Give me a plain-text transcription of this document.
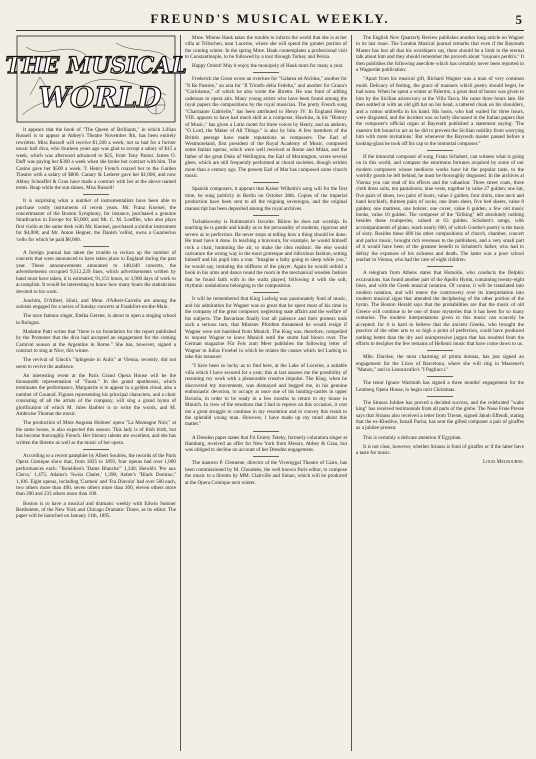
FREUND'S MUSICAL WEEKLY.	5
THE MUSICAL
WORLD

It appears that the book of "The Queen of Brilliants," in which Lillian Russell is to appear at Abbey's Theatre November 9th, has been entirely rewritten. Miss Russell will receive $1,500 a week; not so bad for a former music hall diva, who fourteen years ago was glad to accept a salary of $15 a week, which was afterward advanced to $25, from Tony Pastor. James O. Duff was paying her $300 a week when she broke her contract with him. The Casino gave her $500 a week. T. Henry French coaxed her to the Garden Theatre with a salary of $800. Canary & Lederer gave her $1,000, and now Abbey Schoeffel & Grau have made a contract with her at the above named terms. Reap while the sun shines, Miss Russell!

It is surprising what a number of instrumentalists have been able to purchase costly instruments of recent years. Mr. Franz Kneisel, the concertmaster of the Boston Symphony, for instance, purchased a genuine Stradivarius in Europe for $3,000; and Mr. C. M. Loeffler, who also plays first violin at the same desk with Mr. Kneisel, purchased a similar instrument for $4,000; and Mr. Anton Hegner, the Danish 'cellist, owns a Guarnerius 'cello for which he paid $8,000.

A foreign journal has taken the trouble to reckon up the number of concerts that were announced to have taken place in England during the past year. These announcements amounted to 148,640 concerts, the advertisements occupied 9,512,229 lines, which advertisements written by hand must have taken, it is estimated, 91,151 hours, or 3,960 days of work to accomplish. It would be interesting to know how many hours the statisticians devoted to his work.

Joachim, D'Albert, Siloti, and Mme. d'Albert-Carreño are among the soloists engaged for a series of Sunday concerts at Frankfort-on-the-Main.

The once famous singer, Etelka Gerster, is about to open a singing school in Bologna.

Madame Patti writes that "there is no foundation for the report published by the Promoter that the diva had accepted an engagement for the coming Carnival season at the Argentine in Rome." She has, however, signed a contract to sing at Nice, this winter.

The revival of Gluck's "Iphigenie in Aulis" at Vienna, recently, did not seem to revive the audience.

An interesting event at the Paris Grand Opera House will be the thousandth representation of "Faust." In the grand apotheosis, which terminates the performance, Marguerite is to appear in a golden cloud, also a number of Gounod. Figures representing his principal characters, and a choir consisting of all the artists of the company, will sing a grand hymn of glorification of which M. Jules Barbier is to write the words, and M. Ambroise Thomas the music.

The production of Mme Augusta Holmes' opera "La Montagne Noir," at the same house, is also expected this season. This lady is of Irish birth, but has become thoroughly French. Her literary talents are excellent, and she has written the libretto as well as the music of her opera.

According to a recent pamphlet by Albert Soubies, the records of the Paris Opera Comique show that, from 1825 to 1893, four operas had over 1,000 performances each: "Boieldieu's 'Dame Blanche'" 1,340; Herold's 'Pre aux Clercs,' 1,475; Adams's 'Swiss Chalet,' 1,390; Auber's "Black Domino," 1,106. Eight operas, including 'Carmen' and 'Fra Diavolo' had over 500 each, two others more than 400, seven others more than 300, eleven others more than 200 and 233 others more than 100.

Boston is to have a musical and dramatic weekly with Edwin Sumner Berthelette, of the New York and Chicago Dramatic Times, as its editor. The paper will be launched on January 11th, 1895.

Mme. Minnie Hauk takes the trouble to inform the world that she is at her villa at Tribschen, near Lucerne, where she will spend the greater portion of the coming winter. In the spring Mme. Hauk contemplates a professional visit to Constantinople, to be followed by a tour through Turkey and Persia.

Happy Orient! May it enjoy the monopoly of Hauk tours for many a year.

Frederick the Great wrote an overture for "Galatea ed Alcidea," another for "Il Re Pastore," an aria for "Il Trionfo della Fedelta," and another for Graun's "Coriolanus," of which he also wrote the libretto. He was fond of adding cadenzas to opera airs. Many young artists who have been found among the royal papers the compositions by the royal musician. The pretty French song "Charmante Gabrielle," has been attributed to Henry IV. In England Henry VIII. appears to have had much skill as a composer. Hawkins, in his "History of Music," has given a Latin motet for three voices by Henry, and an anthem, "O Lord, the Maker of All Things." is also by him. A few members of the British peerage have made reputations as composers. The Earl of Westmoreland, first president of the Royal Academy of Music, composed some Italian operas, which were well received at Rome and Milan, and the father of the great Duke of Wellington, the Earl of Mornington, wrote several glees, which are still frequently performed at choral societies, though written more than a century ago. The present Earl of Mar has composed some church music.

Spanish composers, it appears that Kaiser Wilhelm's song will for the first time, be sung publicly in Berlin on October 28th. Copies of the imperial production have been sent to all the reigning sovereigns, and the original manuscript has been deposited among the royal archives.

Tschaikowsky is Rubinstein's favorite. Bülow he does not worship. In teaching he is gentle and kindly as to the personality of students, rigorous and severe as to perfection. He never stops at telling how a thing should be done. He must have it done. In teaching a bravoura, for example, he would himself rock a chair, humming the air, to make the idea realistic. He else would caricature the wrong way in the most grotesque and ridiculous fashion, setting himself and his pupil into a roar. "Imagine a baby going to sleep while you," he would say, imitating the stiffness of the player. Again he would unfold a book in his arms and dance round the room in the mechanical wooden fashion that he found faith with in the waltz played, following it with the soft, rhythmic undulations belonging to the composition.

It will be remembered that King Ludwig was passionately fond of music, and his admiration for Wagner was so great that he spent most of his time in the company of the great composer, neglecting state affairs and the welfare of his subjects. The Bavarians finally lost all patience and their protests took such a serious turn, that Minister Pfordten threatened he would resign if Wagner were not banished from Munich. The King was, therefore, compelled to request Wagner to leave Munich until the storm had blown over. The German magazine Für Fels zum Meer publishes the following letter of Wagner to Julius Froebel in which he relates the causes which led Ludwig to take this measure:

"I have been so lucky as to find here, at the Lake of Lucerne, a suitable villa which I have secured for a year; this at last assures me the possibility of resuming my work with a pleasurable creative impulse. The King, when he discovered my movements, was dismayed and begged me, in his genuine enthusiastic devotion, to occupy at once one of his hunting-castles in upper Bavaria, in order to be ready in a few months to return to my house in Munich. In view of the emotions that I had to repress on this occasion, it cost me a great struggle to continue in my resolution and to convey this result to the splendid young man. However, I have made up my mind about this matter."

A Dresden paper states that Fri Emmy Teleky, formerly coloratura singer at Hamburg, received an offer for New York from Messrs. Abbey & Grau, but was obliged to decline on account of her Dresden engagement.

The maestro P. Clemente, director of the Vicereggal Theatre of Cairo, has been commissioned by M. Choudens, the well known Paris editor, to compose the music to a libretto by MM. Clairville and Simao, which will be produced at the Opera Comique next winter.

The English New Quarterly Review publishes another long article on Wagner in its last issue. The London Musical journal remarks that even if the Bayreuth Master has lost all that his worshipers say, there should be a limit to the eternal talk about him and they should remember the proverb about "toujours perdrix." It then publishes the following anecdote which has certainly never been reported in a Wagnerite publication:

"Apart from his musical gift, Richard Wagner was a man of very common mold. Delicacy of feeling, the grace of manners which poetry should beget, he had none. When he spent a winter at Palermo, a great deal of honor was given to him by the Sicilian aristocracy at the Villa Tasca. He came three hours late. He then settled in with an old gift hat on his head, a tattered cloak on his shoulders, and a cotton umbrella in his hand. His hosts, who had waited for three hours, were disgusted, and the incident was so hotly discussed in the Italian papers that the composer's official organ at Bayreuth published a statement saying: 'The maestro felt bound to act as he did to prevent the Sicilian nobility from worrying him with more invitations.' But whenever the Bayreuth master passed before a looking-glass he took off his cap to the immortal composer."

If the immortal composer of song, Franz Schubert, can witness what is going on in this world, and compare the enormous fortunes acquired by some of our modern composers whose mediocre works have hit the popular taste, to the worldly goods he left behind, he must be thoroughly disgusted. In the archives at Vienna you can read of his effects and the valuation: Three street coats, three cloth dress suits, ten pantaloons, nine vests, together in value 27 gulden; one hat, five pairs of shoes, two pairs of boots, value 2 gulden; four shirts, nine neck and hand kerchiefs, thirteen pairs of socks, one linen sheet, five bed sheets, value 8 gulden; one mattress, one bolster, one cover, value 6 gulden; a few old music books, value 10 gulden. The composer of the "Erlking" left absolutely nothing besides these trumperies, valued at 63 gulden. Schubert's songs, with accompaniments of piano, reach nearly 600, of which Goethe's poetry is the basis of sixty. Besides these 600 his other compositions of church, chamber, concert and parlor music, brought rich revenues to the publishers, and a very small part of it would have been of the greatest benefit to Schubert's father, who had to defray the expenses of his sickness and death. The latter was a poor school teacher in Vienna, who had the care of eight children.

A telegram from Athens states that Homolle, who conducts the Delphic excavations, has found another part of the Apollo Hymn, containing twenty-eight lines, and with the Greek musical notation. Of course, it will be translated into modern notation, and will renew the controversy over its interpretation into modern musical signs that attended the deciphering of the other portion of the hymn. The Boston Herald says that the probabilities are that the music of old Greece will continue to be one of those mysteries that it has been for so many centuries. The modern interpretations given to this music can scarcely be accepted; for it is hard to believe that the ancient Greeks, who brought the practice of the other arts to so high a point of perfection, could have produced nothing better than the dry and unimpressive jargon that has resulted from the efforts to decipher the few remains of Hellenic music that have come down to us.

Mlle. Darclee, the most charming of prima donnas, has just signed an engagement for the Liceo of Barcelona, where she will sing in Massenet's "Manon," and in Leoncavallo's "I Pagliacci."

The tenor Ignace Warmuth has signed a three months' engagement for the Lemberg Opera House, to begin next Christmas.

The Strauss Jubilee has proved a decided success, and the celebrated "waltz king" has received testimonials from all parts of the globe. The Neue Freie Presse says that Strauss also received a letter from Trieste, signed Jakob Effendi, stating that the ex-Khedive, Ismail Pacha, has sent the gifted composer a pair of giraffes as a jubilee present.

This is certainly a delicate attention if Egyptian.

It is not clear, however, whether Strauss is fond of giraffes or if the latter have a taste for music.

Louis Melbourne.
